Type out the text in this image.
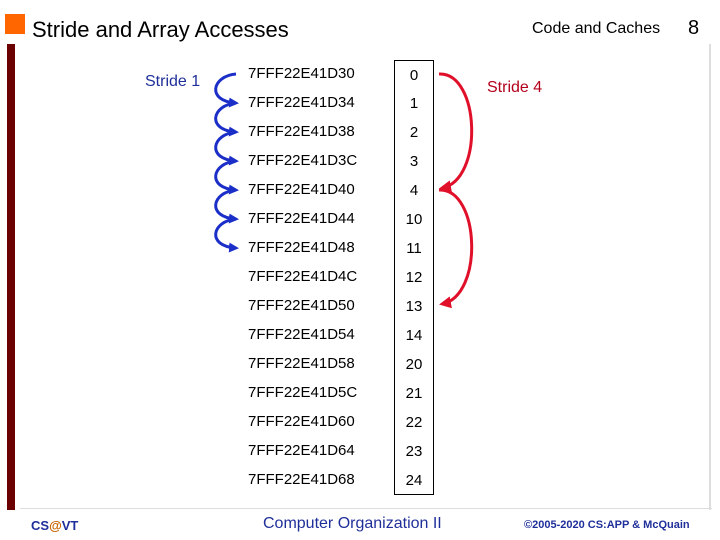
Stride and Array Accesses	Code and Caches 8
Stride 1	Stride 4
7FFF22E41D30	0
7FFF22E41D34	1
7FFF22E41D38	2
7FFF22E41D3C	3
7FFF22E41D40	4
7FFF22E41D44	10
7FFF22E41D48	11
7FFF22E41D4C	12
7FFF22E41D50	13
7FFF22E41D54	14
7FFF22E41D58	20
7FFF22E41D5C	21
7FFF22E41D60	22
7FFF22E41D64	23
7FFF22E41D68	24
CS@VT	Computer Organization II	©2005-2020 CS:APP & McQuain
